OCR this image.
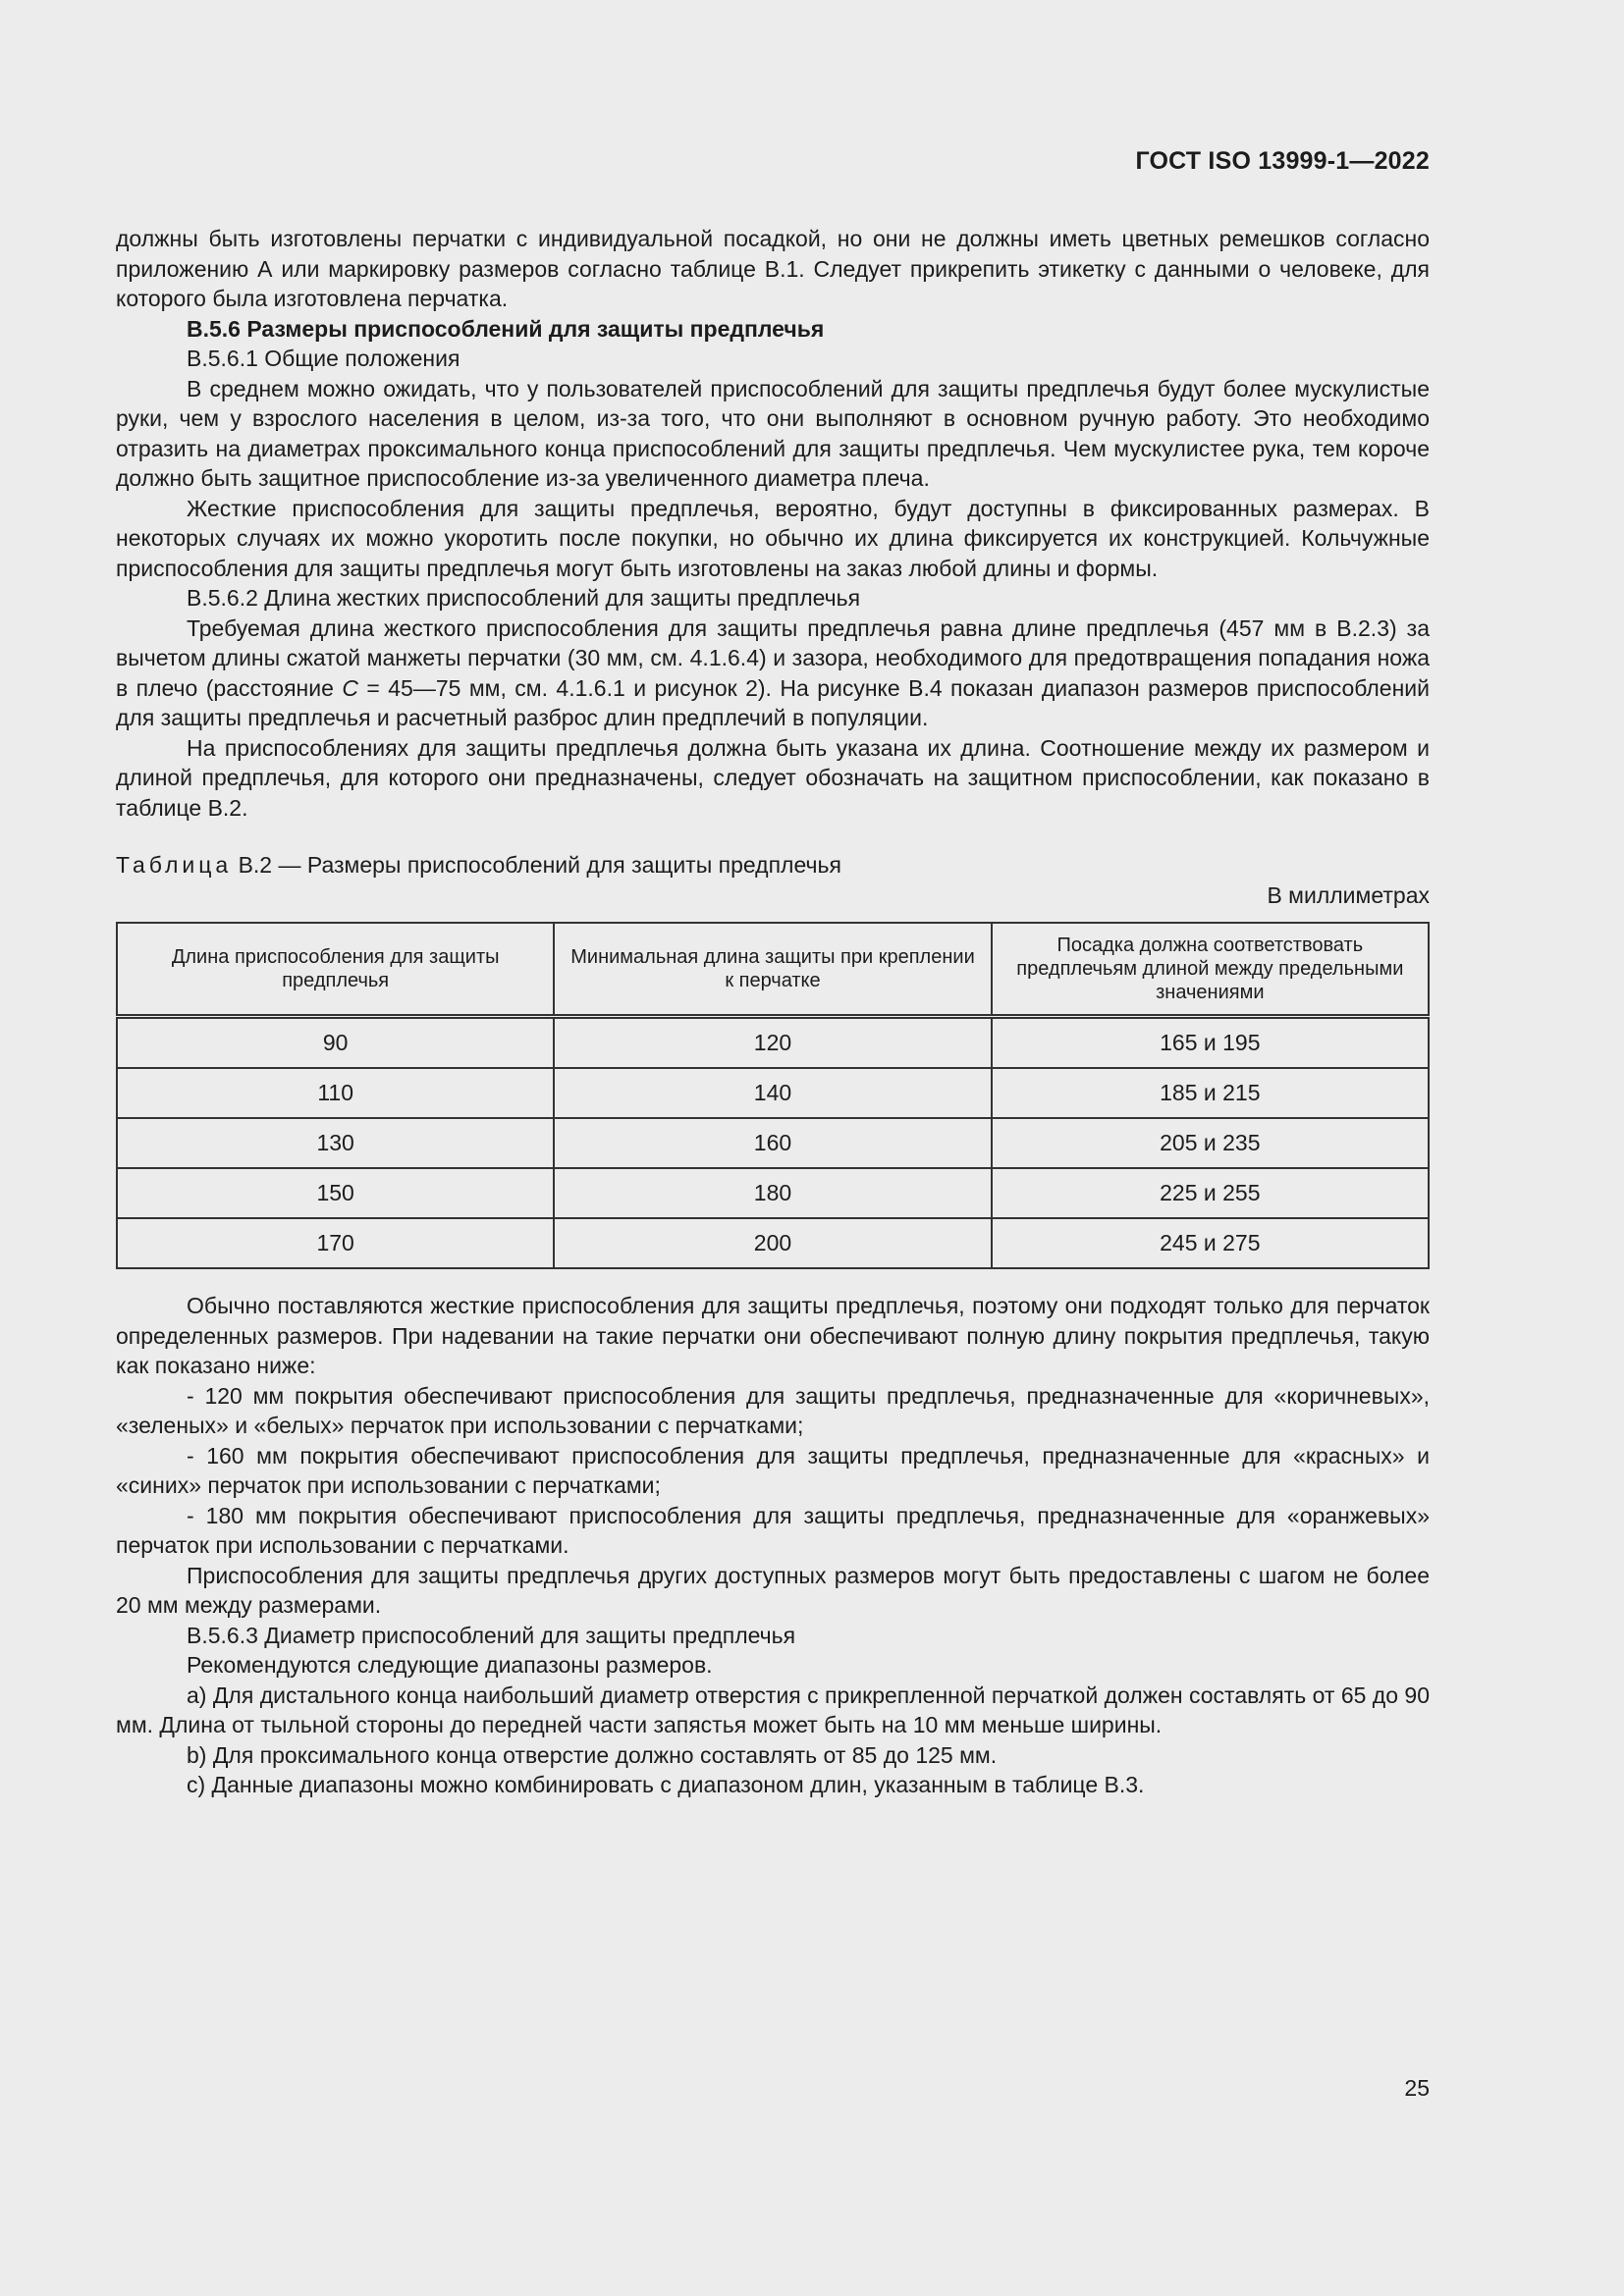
ГОСТ ISO 13999-1—2022

должны быть изготовлены перчатки с индивидуальной посадкой, но они не должны иметь цветных ремешков согласно приложению А или маркировку размеров согласно таблице В.1. Следует прикрепить этикетку с данными о человеке, для которого была изготовлена перчатка.

В.5.6 Размеры приспособлений для защиты предплечья

В.5.6.1 Общие положения

В среднем можно ожидать, что у пользователей приспособлений для защиты предплечья будут более мускулистые руки, чем у взрослого населения в целом, из-за того, что они выполняют в основном ручную работу. Это необходимо отразить на диаметрах проксимального конца приспособлений для защиты предплечья. Чем мускулистее рука, тем короче должно быть защитное приспособление из-за увеличенного диаметра плеча.

Жесткие приспособления для защиты предплечья, вероятно, будут доступны в фиксированных размерах. В некоторых случаях их можно укоротить после покупки, но обычно их длина фиксируется их конструкцией. Кольчужные приспособления для защиты предплечья могут быть изготовлены на заказ любой длины и формы.

В.5.6.2 Длина жестких приспособлений для защиты предплечья

Требуемая длина жесткого приспособления для защиты предплечья равна длине предплечья (457 мм в В.2.3) за вычетом длины сжатой манжеты перчатки (30 мм, см. 4.1.6.4) и зазора, необходимого для предотвращения попадания ножа в плечо (расстояние C = 45—75 мм, см. 4.1.6.1 и рисунок 2). На рисунке В.4 показан диапазон размеров приспособлений для защиты предплечья и расчетный разброс длин предплечий в популяции.

На приспособлениях для защиты предплечья должна быть указана их длина. Соотношение между их размером и длиной предплечья, для которого они предназначены, следует обозначать на защитном приспособлении, как показано в таблице В.2.

Таблица В.2 — Размеры приспособлений для защиты предплечья

В миллиметрах

Длина приспособления для защиты предплечья	Минимальная длина защиты при креплении к перчатке	Посадка должна соответствовать предплечьям длиной между предельными значениями
90	120	165 и 195
110	140	185 и 215
130	160	205 и 235
150	180	225 и 255
170	200	245 и 275

Обычно поставляются жесткие приспособления для защиты предплечья, поэтому они подходят только для перчаток определенных размеров. При надевании на такие перчатки они обеспечивают полную длину покрытия предплечья, такую как показано ниже:

- 120 мм покрытия обеспечивают приспособления для защиты предплечья, предназначенные для «коричневых», «зеленых» и «белых» перчаток при использовании с перчатками;

- 160 мм покрытия обеспечивают приспособления для защиты предплечья, предназначенные для «красных» и «синих» перчаток при использовании с перчатками;

- 180 мм покрытия обеспечивают приспособления для защиты предплечья, предназначенные для «оранжевых» перчаток при использовании с перчатками.

Приспособления для защиты предплечья других доступных размеров могут быть предоставлены с шагом не более 20 мм между размерами.

В.5.6.3 Диаметр приспособлений для защиты предплечья

Рекомендуются следующие диапазоны размеров.

a) Для дистального конца наибольший диаметр отверстия с прикрепленной перчаткой должен составлять от 65 до 90 мм. Длина от тыльной стороны до передней части запястья может быть на 10 мм меньше ширины.

b) Для проксимального конца отверстие должно составлять от 85 до 125 мм.

c) Данные диапазоны можно комбинировать с диапазоном длин, указанным в таблице В.3.

25
